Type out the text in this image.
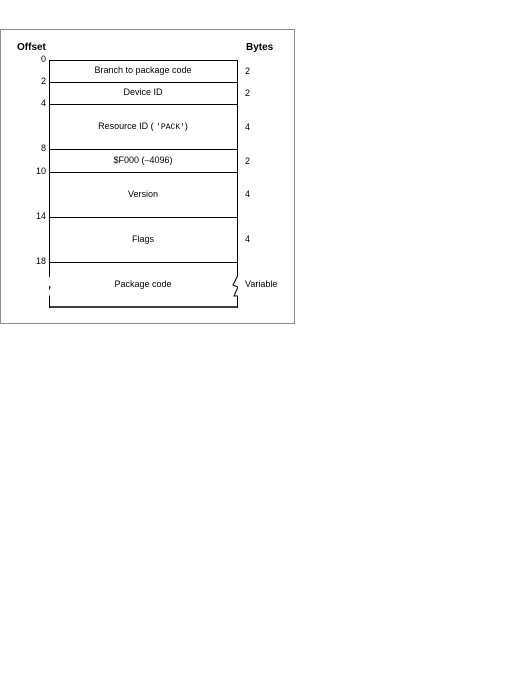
Offset	Bytes
0
2
4
8
10
14
18
Branch to package code
Device ID
Resource ID ( 'PACK')
$F000 (–4096)
Version
Flags
Package code
2
2
4
2
4
4
Variable
